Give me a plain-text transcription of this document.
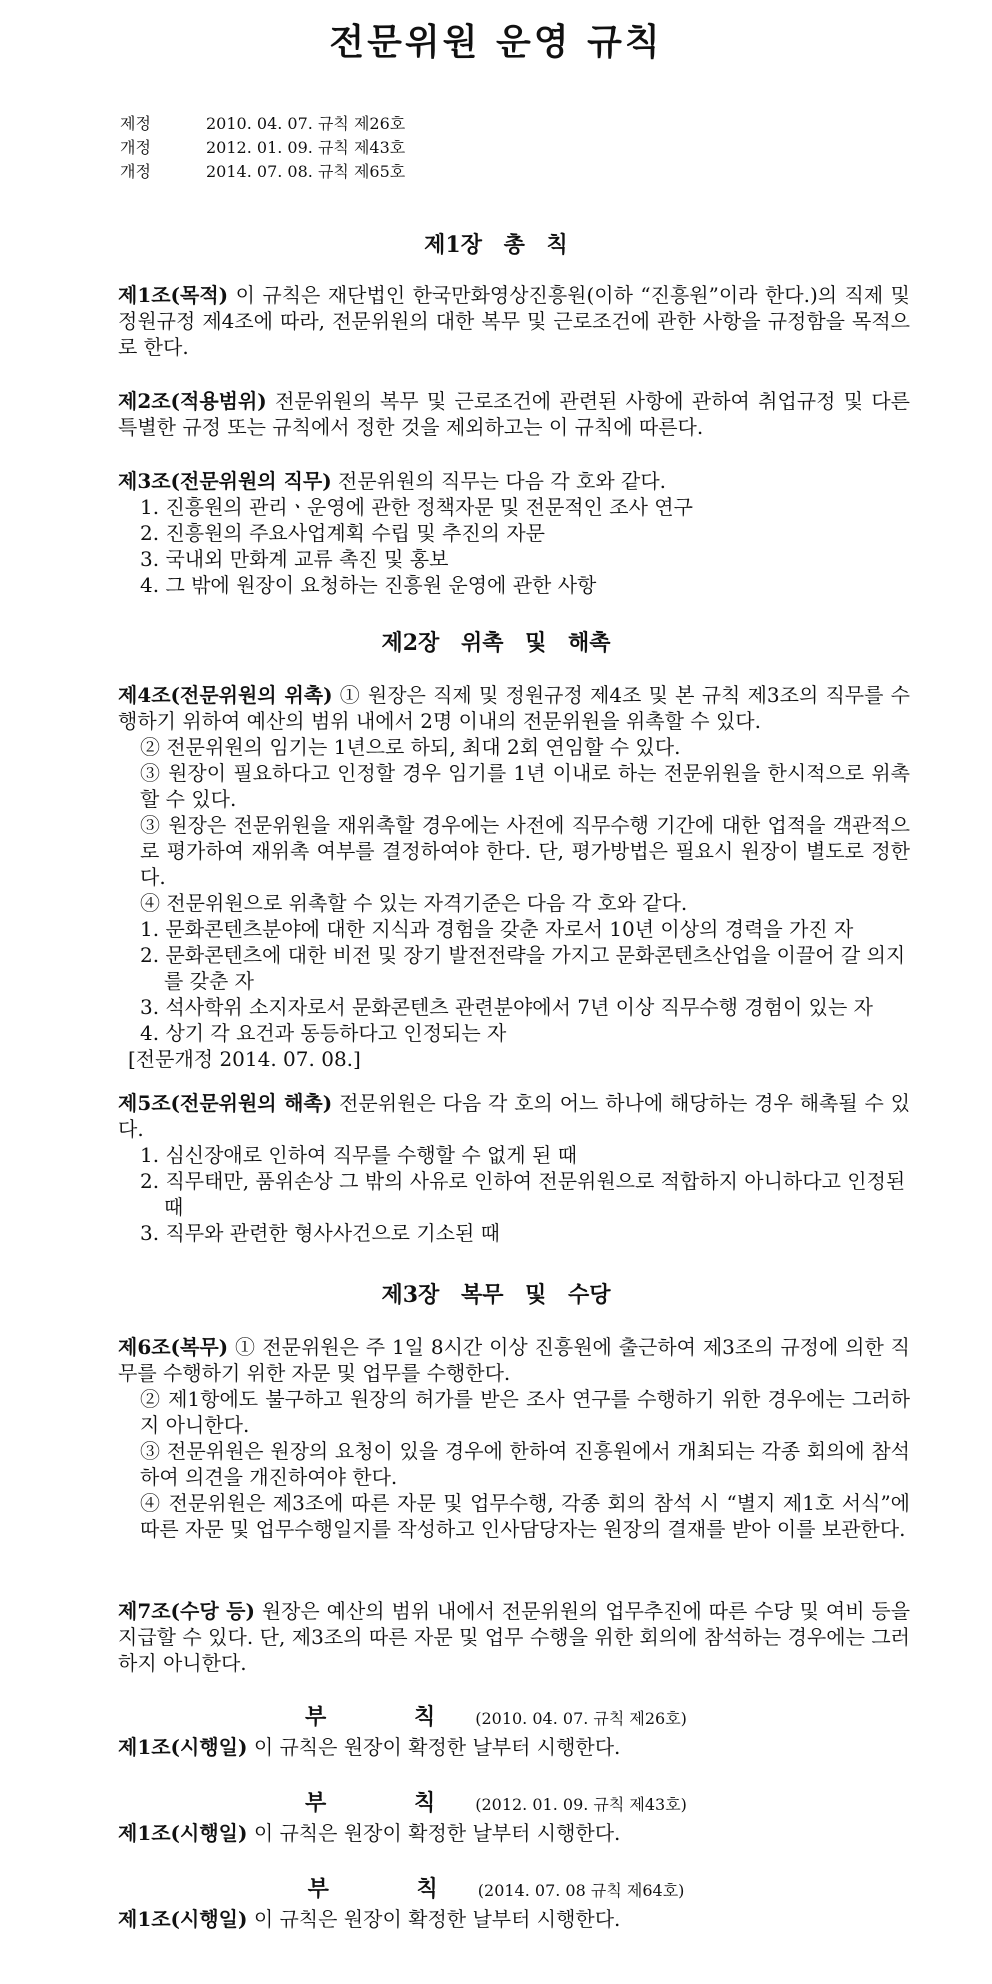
전문위원 운영 규칙
제정	2010. 04. 07. 규칙 제26호
개정	2012. 01. 09. 규칙 제43호
개정	2014. 07. 08. 규칙 제65호
제1장 총 칙

제1조(목적) 이 규칙은 재단법인 한국만화영상진흥원(이하 “진흥원”이라 한다.)의 직제 및 정원규정 제4조에 따라, 전문위원의 대한 복무 및 근로조건에 관한 사항을 규정함을 목적으로 한다.

제2조(적용범위) 전문위원의 복무 및 근로조건에 관련된 사항에 관하여 취업규정 및 다른 특별한 규정 또는 규칙에서 정한 것을 제외하고는 이 규칙에 따른다.

제3조(전문위원의 직무) 전문위원의 직무는 다음 각 호와 같다.

1. 진흥원의 관리ㆍ운영에 관한 정책자문 및 전문적인 조사 연구

2. 진흥원의 주요사업계획 수립 및 추진의 자문

3. 국내외 만화계 교류 촉진 및 홍보

4. 그 밖에 원장이 요청하는 진흥원 운영에 관한 사항

제2장 위촉 및 해촉

제4조(전문위원의 위촉) ① 원장은 직제 및 정원규정 제4조 및 본 규칙 제3조의 직무를 수행하기 위하여 예산의 범위 내에서 2명 이내의 전문위원을 위촉할 수 있다.

② 전문위원의 임기는 1년으로 하되, 최대 2회 연임할 수 있다.

③ 원장이 필요하다고 인정할 경우 임기를 1년 이내로 하는 전문위원을 한시적으로 위촉할 수 있다.

③ 원장은 전문위원을 재위촉할 경우에는 사전에 직무수행 기간에 대한 업적을 객관적으로 평가하여 재위촉 여부를 결정하여야 한다. 단, 평가방법은 필요시 원장이 별도로 정한다.

④ 전문위원으로 위촉할 수 있는 자격기준은 다음 각 호와 같다.

1. 문화콘텐츠분야에 대한 지식과 경험을 갖춘 자로서 10년 이상의 경력을 가진 자

2. 문화콘텐츠에 대한 비전 및 장기 발전전략을 가지고 문화콘텐츠산업을 이끌어 갈 의지를 갖춘 자

3. 석사학위 소지자로서 문화콘텐츠 관련분야에서 7년 이상 직무수행 경험이 있는 자

4. 상기 각 요건과 동등하다고 인정되는 자

[전문개정 2014. 07. 08.]

제5조(전문위원의 해촉) 전문위원은 다음 각 호의 어느 하나에 해당하는 경우 해촉될 수 있다.

1. 심신장애로 인하여 직무를 수행할 수 없게 된 때

2. 직무태만, 품위손상 그 밖의 사유로 인하여 전문위원으로 적합하지 아니하다고 인정된 때

3. 직무와 관련한 형사사건으로 기소된 때

제3장 복무 및 수당

제6조(복무) ① 전문위원은 주 1일 8시간 이상 진흥원에 출근하여 제3조의 규정에 의한 직무를 수행하기 위한 자문 및 업무를 수행한다.

② 제1항에도 불구하고 원장의 허가를 받은 조사 연구를 수행하기 위한 경우에는 그러하지 아니한다.

③ 전문위원은 원장의 요청이 있을 경우에 한하여 진흥원에서 개최되는 각종 회의에 참석하여 의견을 개진하여야 한다.

④ 전문위원은 제3조에 따른 자문 및 업무수행, 각종 회의 참석 시 “별지 제1호 서식”에 따른 자문 및 업무수행일지를 작성하고 인사담당자는 원장의 결재를 받아 이를 보관한다.

제7조(수당 등) 원장은 예산의 범위 내에서 전문위원의 업무추진에 따른 수당 및 여비 등을 지급할 수 있다. 단, 제3조의 따른 자문 및 업무 수행을 위한 회의에 참석하는 경우에는 그러하지 아니한다.

부 칙(2010. 04. 07. 규칙 제26호)
제1조(시행일) 이 규칙은 원장이 확정한 날부터 시행한다.
부 칙(2012. 01. 09. 규칙 제43호)
제1조(시행일) 이 규칙은 원장이 확정한 날부터 시행한다.
부 칙(2014. 07. 08 규칙 제64호)
제1조(시행일) 이 규칙은 원장이 확정한 날부터 시행한다.
